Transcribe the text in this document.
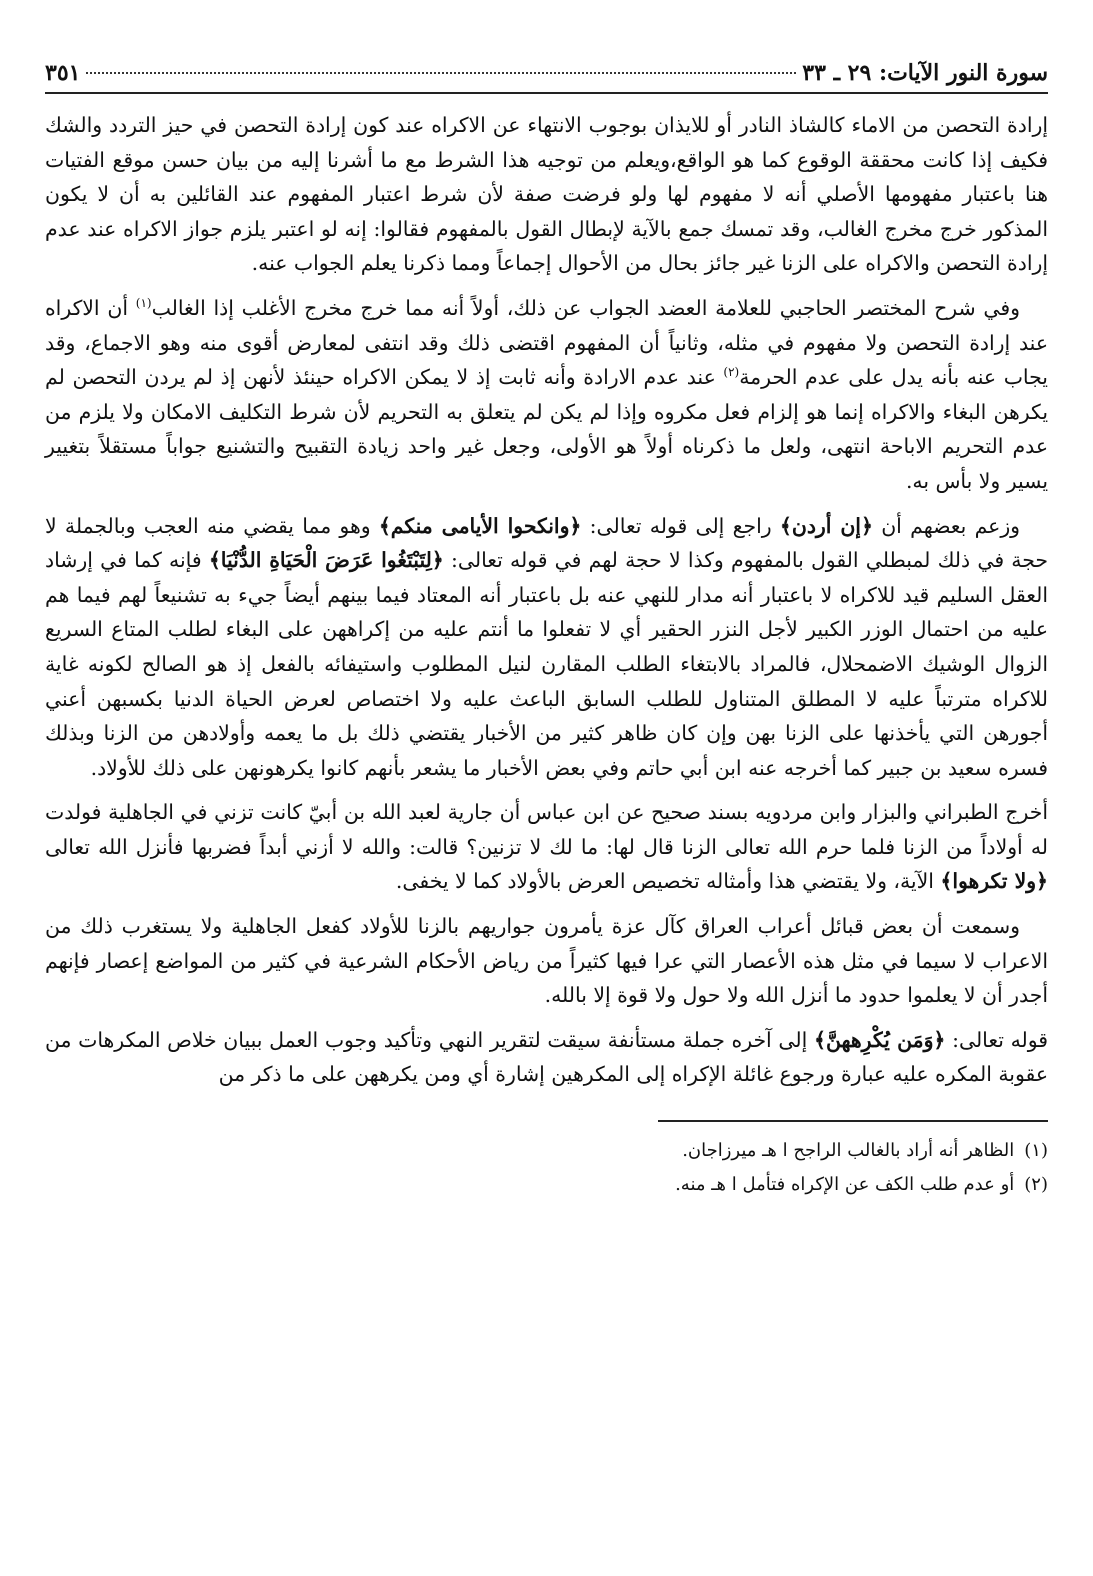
سورة النور الآيات: ٢٩ ـ ٣٣
٣٥١

إرادة التحصن من الاماء كالشاذ النادر أو للايذان بوجوب الانتهاء عن الاكراه عند كون إرادة التحصن في حيز التردد والشك فكيف إذا كانت محققة الوقوع كما هو الواقع،ويعلم من توجيه هذا الشرط مع ما أشرنا إليه من بيان حسن موقع الفتيات هنا باعتبار مفهومها الأصلي أنه لا مفهوم لها ولو فرضت صفة لأن شرط اعتبار المفهوم عند القائلين به أن لا يكون المذكور خرج مخرج الغالب، وقد تمسك جمع بالآية لإبطال القول بالمفهوم فقالوا: إنه لو اعتبر يلزم جواز الاكراه عند عدم إرادة التحصن والاكراه على الزنا غير جائز بحال من الأحوال إجماعاً ومما ذكرنا يعلم الجواب عنه.

وفي شرح المختصر الحاجبي للعلامة العضد الجواب عن ذلك، أولاً أنه مما خرج مخرج الأغلب إذا الغالب$^{(١)}$ أن الاكراه عند إرادة التحصن ولا مفهوم في مثله، وثانياً أن المفهوم اقتضى ذلك وقد انتفى لمعارض أقوى منه وهو الاجماع، وقد يجاب عنه بأنه يدل على عدم الحرمة$^{(٢)}$ عند عدم الارادة وأنه ثابت إذ لا يمكن الاكراه حينئذ لأنهن إذ لم يردن التحصن لم يكرهن البغاء والاكراه إنما هو إلزام فعل مكروه وإذا لم يكن لم يتعلق به التحريم لأن شرط التكليف الامكان ولا يلزم من عدم التحريم الاباحة انتهى، ولعل ما ذكرناه أولاً هو الأولى، وجعل غير واحد زيادة التقبيح والتشنيع جواباً مستقلاً بتغيير يسير ولا بأس به.

وزعم بعضهم أن ﴿إن أردن﴾ راجع إلى قوله تعالى: ﴿وانكحوا الأيامى منكم﴾ وهو مما يقضي منه العجب وبالجملة لا حجة في ذلك لمبطلي القول بالمفهوم وكذا لا حجة لهم في قوله تعالى: ﴿لِتَبْتَغُوا عَرَضَ الْحَيَاةِ الدُّنْيَا﴾ فإنه كما في إرشاد العقل السليم قيد للاكراه لا باعتبار أنه مدار للنهي عنه بل باعتبار أنه المعتاد فيما بينهم أيضاً جيء به تشنيعاً لهم فيما هم عليه من احتمال الوزر الكبير لأجل النزر الحقير أي لا تفعلوا ما أنتم عليه من إكراههن على البغاء لطلب المتاع السريع الزوال الوشيك الاضمحلال، فالمراد بالابتغاء الطلب المقارن لنيل المطلوب واستيفائه بالفعل إذ هو الصالح لكونه غاية للاكراه مترتباً عليه لا المطلق المتناول للطلب السابق الباعث عليه ولا اختصاص لعرض الحياة الدنيا بكسبهن أعني أجورهن التي يأخذنها على الزنا بهن وإن كان ظاهر كثير من الأخبار يقتضي ذلك بل ما يعمه وأولادهن من الزنا وبذلك فسره سعيد بن جبير كما أخرجه عنه ابن أبي حاتم وفي بعض الأخبار ما يشعر بأنهم كانوا يكرهونهن على ذلك للأولاد.

أخرج الطبراني والبزار وابن مردويه بسند صحيح عن ابن عباس أن جارية لعبد الله بن أبيّ كانت تزني في الجاهلية فولدت له أولاداً من الزنا فلما حرم الله تعالى الزنا قال لها: ما لك لا تزنين؟ قالت: والله لا أزني أبداً فضربها فأنزل الله تعالى ﴿ولا تكرهوا﴾ الآية، ولا يقتضي هذا وأمثاله تخصيص العرض بالأولاد كما لا يخفى.

وسمعت أن بعض قبائل أعراب العراق كآل عزة يأمرون جواريهم بالزنا للأولاد كفعل الجاهلية ولا يستغرب ذلك من الاعراب لا سيما في مثل هذه الأعصار التي عرا فيها كثيراً من رياض الأحكام الشرعية في كثير من المواضع إعصار فإنهم أجدر أن لا يعلموا حدود ما أنزل الله ولا حول ولا قوة إلا بالله.

قوله تعالى: ﴿وَمَن يُكْرِههنَّ﴾ إلى آخره جملة مستأنفة سيقت لتقرير النهي وتأكيد وجوب العمل ببيان خلاص المكرهات من عقوبة المكره عليه عبارة ورجوع غائلة الإكراه إلى المكرهين إشارة أي ومن يكرههن على ما ذكر من

(١)الظاهر أنه أراد بالغالب الراجح ا هـ ميرزاجان.

(٢)أو عدم طلب الكف عن الإكراه فتأمل ا هـ منه.
